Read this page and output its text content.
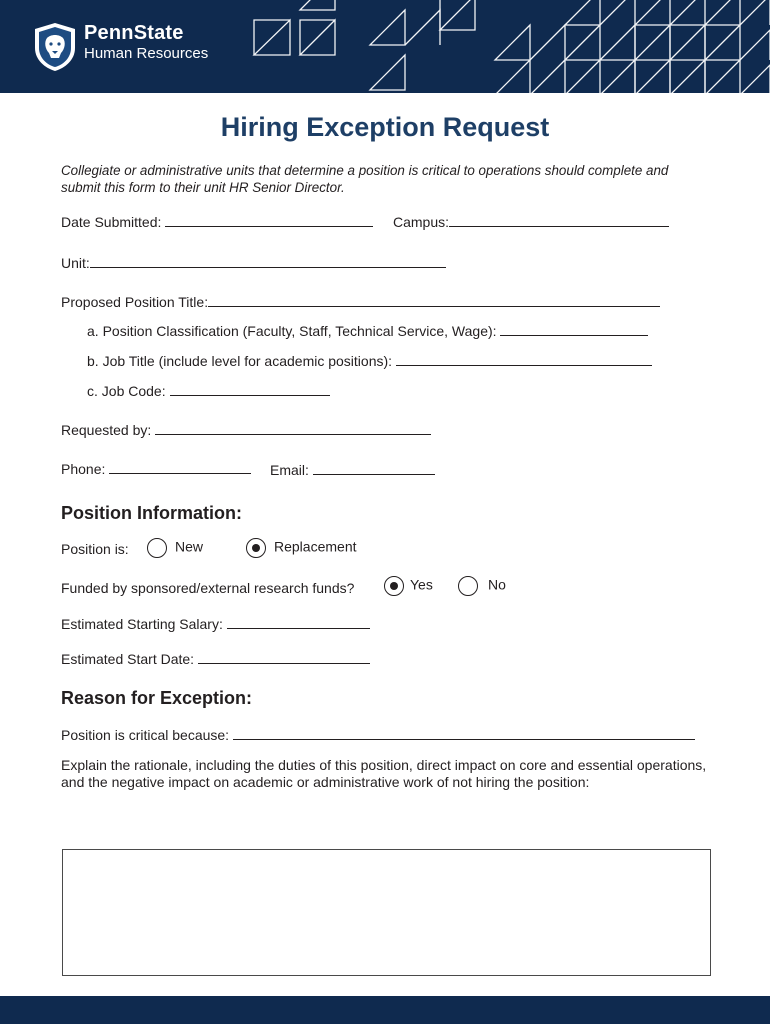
PennState
Human Resources
Hiring Exception Request
Collegiate or administrative units that determine a position is critical to operations should complete and submit this form to their unit HR Senior Director.
Date Submitted:	Campus:
Unit:
Proposed Position Title:
a. Position Classification (Faculty, Staff, Technical Service, Wage):
b. Job Title (include level for academic positions):
c. Job Code:
Requested by:
Phone:	Email:
Position Information:
Position is:	New	Replacement
Funded by sponsored/external research funds?	Yes	No
Estimated Starting Salary:
Estimated Start Date:
Reason for Exception:
Position is critical because:
Explain the rationale, including the duties of this position, direct impact on core and essential operations, and the negative impact on academic or administrative work of not hiring the position:
